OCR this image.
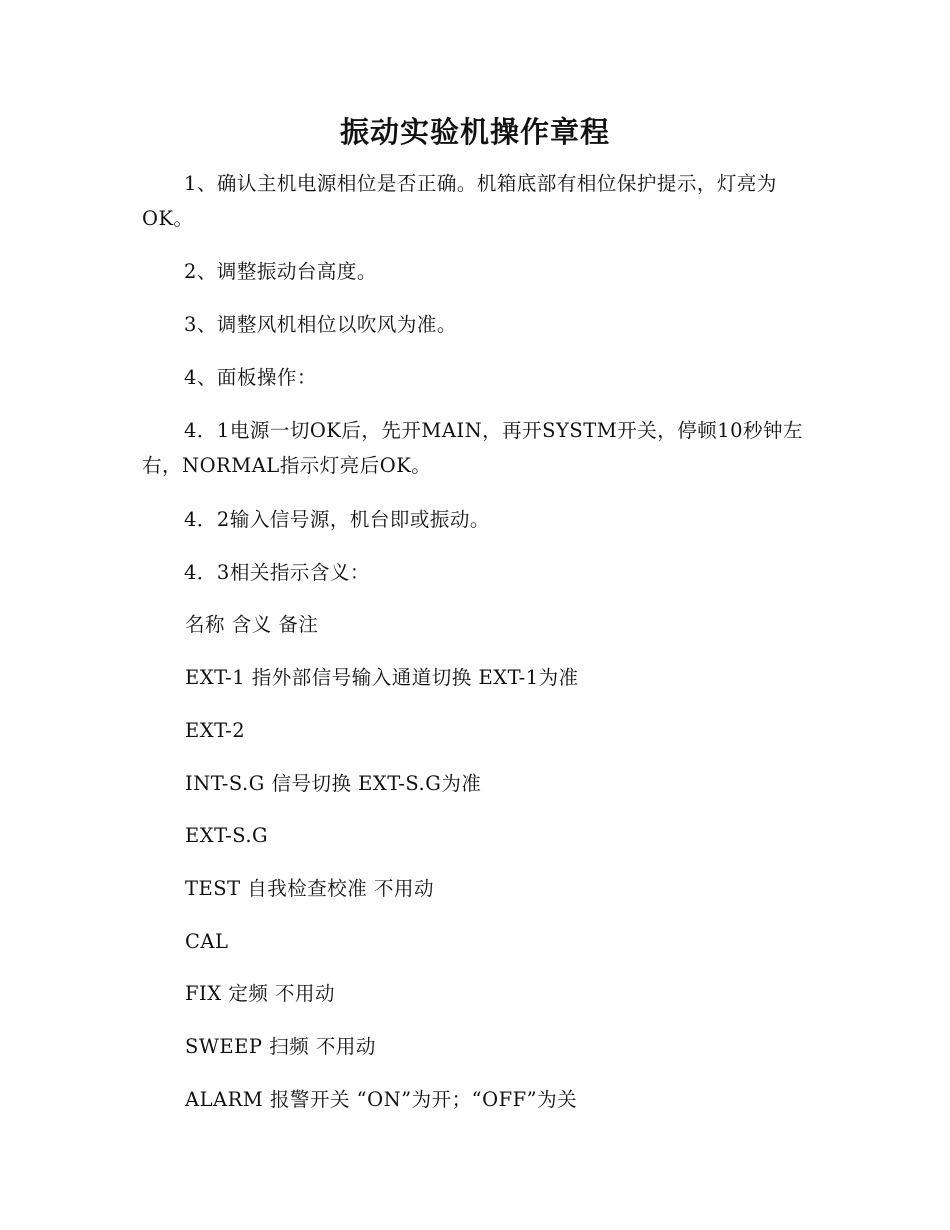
振动实验机操作章程
1、确认主机电源相位是否正确。机箱底部有相位保护提示，灯亮为OK。
2、调整振动台高度。
3、调整风机相位以吹风为准。
4、面板操作：
4．1电源一切OK后，先开MAIN，再开SYSTM开关，停顿10秒钟左右，NORMAL指示灯亮后OK。
4．2输入信号源，机台即或振动。
4．3相关指示含义：
名称 含义 备注
EXT-1 指外部信号输入通道切换 EXT-1为准
EXT-2
INT-S.G 信号切换 EXT-S.G为准
EXT-S.G
TEST 自我检查校准 不用动
CAL
FIX 定频 不用动
SWEEP 扫频 不用动
ALARM 报警开关 “ON”为开；“OFF”为关
